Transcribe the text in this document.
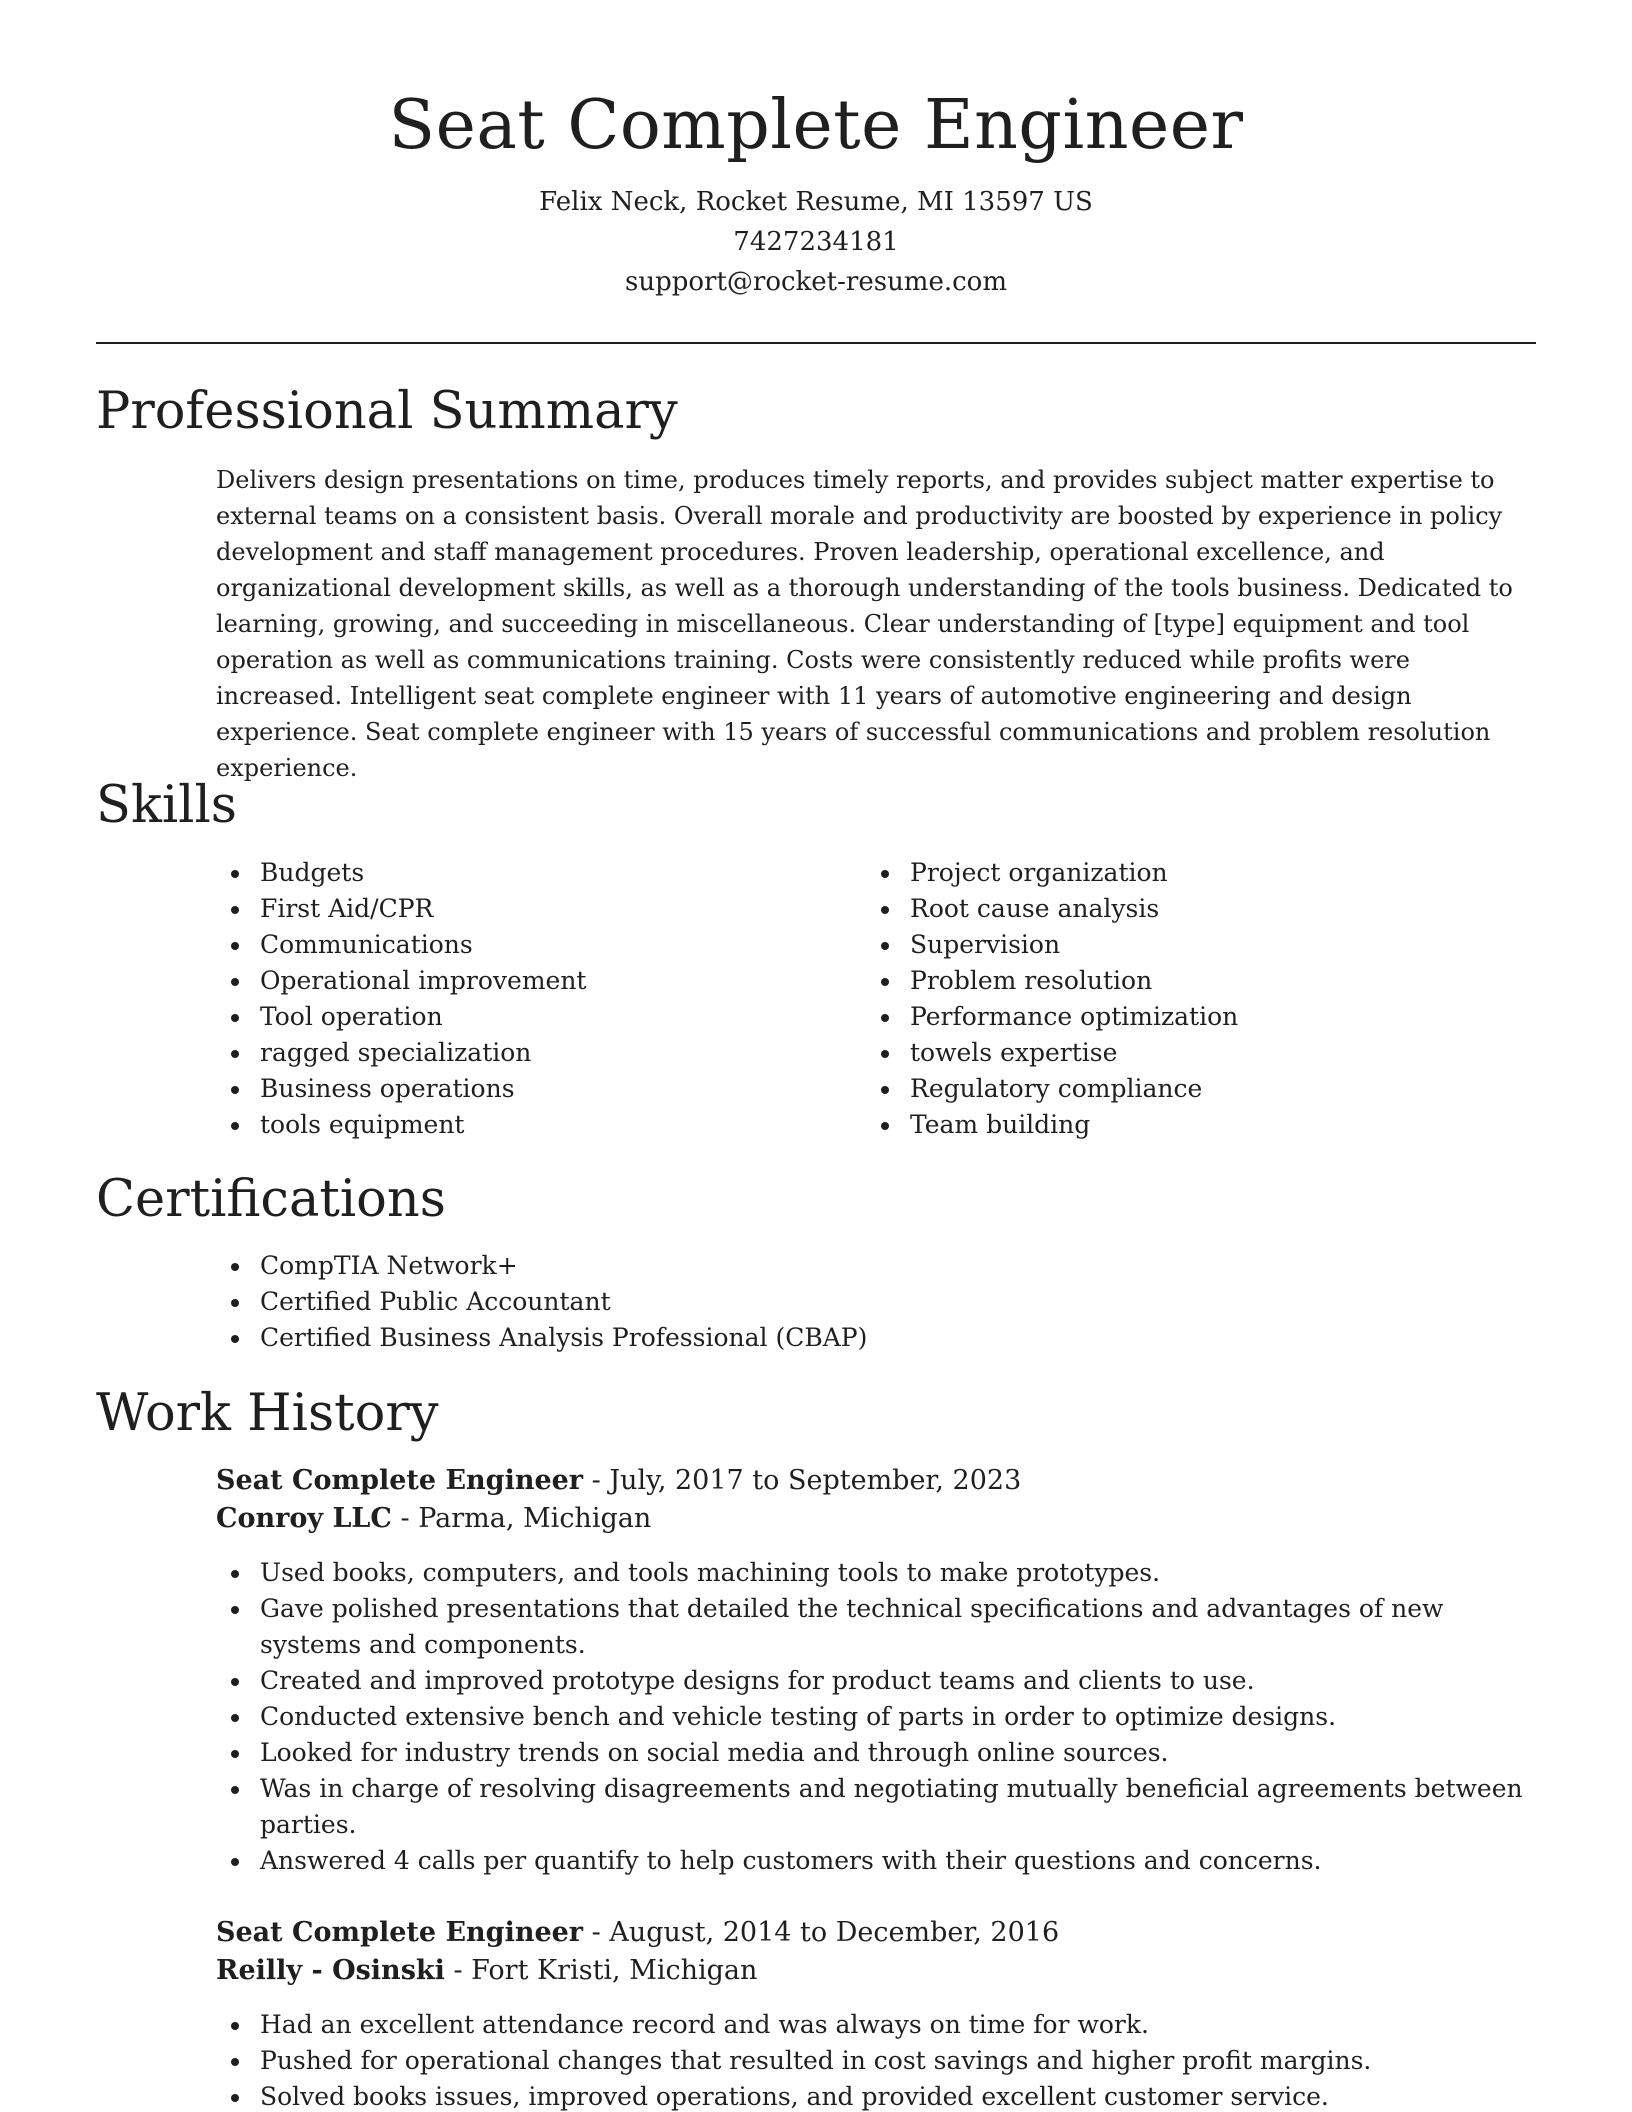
Seat Complete Engineer
Felix Neck, Rocket Resume, MI 13597 US
7427234181
support@rocket-resume.com
Professional Summary

Delivers design presentations on time, produces timely reports, and provides subject matter expertise to external teams on a consistent basis. Overall morale and productivity are boosted by experience in policy development and staff management procedures. Proven leadership, operational excellence, and organizational development skills, as well as a thorough understanding of the tools business. Dedicated to learning, growing, and succeeding in miscellaneous. Clear understanding of [type] equipment and tool operation as well as communications training. Costs were consistently reduced while profits were increased. Intelligent seat complete engineer with 11 years of automotive engineering and design experience. Seat complete engineer with 15 years of successful communications and problem resolution experience.

Skills
Budgets
First Aid/CPR
Communications
Operational improvement
Tool operation
ragged specialization
Business operations
tools equipment
Project organization
Root cause analysis
Supervision
Problem resolution
Performance optimization
towels expertise
Regulatory compliance
Team building
Certifications
CompTIA Network+
Certified Public Accountant
Certified Business Analysis Professional (CBAP)
Work History
Seat Complete Engineer - July, 2017 to September, 2023
Conroy LLC - Parma, Michigan
Used books, computers, and tools machining tools to make prototypes.
Gave polished presentations that detailed the technical specifications and advantages of new systems and components.
Created and improved prototype designs for product teams and clients to use.
Conducted extensive bench and vehicle testing of parts in order to optimize designs.
Looked for industry trends on social media and through online sources.
Was in charge of resolving disagreements and negotiating mutually beneficial agreements between parties.
Answered 4 calls per quantify to help customers with their questions and concerns.
Seat Complete Engineer - August, 2014 to December, 2016
Reilly - Osinski - Fort Kristi, Michigan
Had an excellent attendance record and was always on time for work.
Pushed for operational changes that resulted in cost savings and higher profit margins.
Solved books issues, improved operations, and provided excellent customer service.
